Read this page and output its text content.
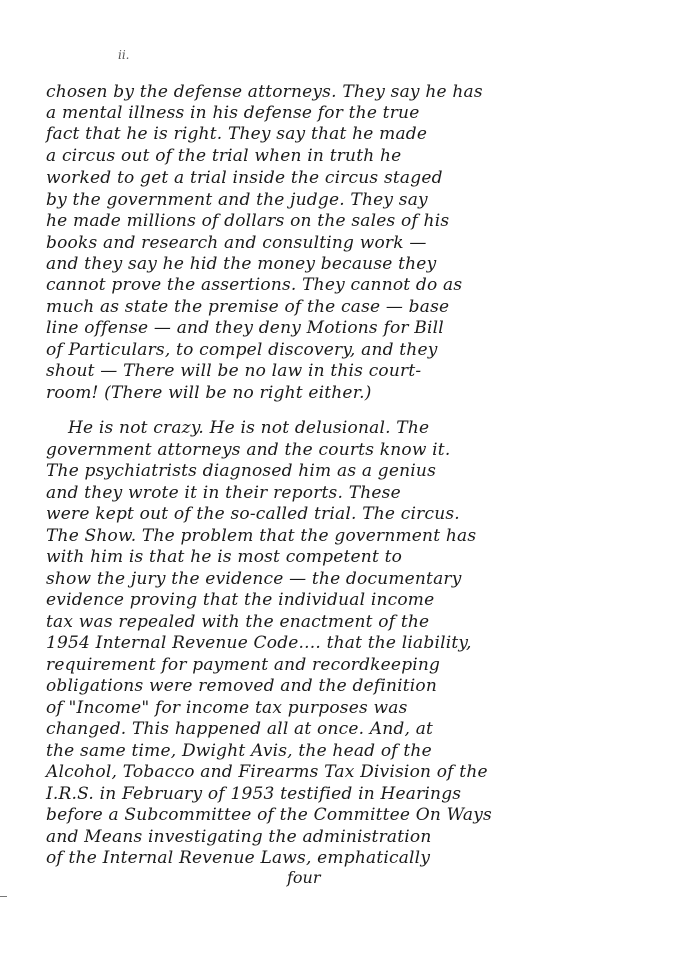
ii.
chosen by the defense attorneys. They say he has
a mental illness in his defense for the true
fact that he is right. They say that he made
a circus out of the trial when in truth he
worked to get a trial inside the circus staged
by the government and the judge. They say
he made millions of dollars on the sales of his
books and research and consulting work —
and they say he hid the money because they
cannot prove the assertions. They cannot do as
much as state the premise of the case — base
line offense — and they deny Motions for Bill
of Particulars, to compel discovery, and they
shout — There will be no law in this court-
room! (There will be no right either.)
He is not crazy. He is not delusional. The
government attorneys and the courts know it.
The psychiatrists diagnosed him as a genius
and they wrote it in their reports. These
were kept out of the so-called trial. The circus.
The Show. The problem that the government has
with him is that he is most competent to
show the jury the evidence — the documentary
evidence proving that the individual income
tax was repealed with the enactment of the
1954 Internal Revenue Code.... that the liability,
requirement for payment and recordkeeping
obligations were removed and the definition
of "Income" for income tax purposes was
changed. This happened all at once. And, at
the same time, Dwight Avis, the head of the
Alcohol, Tobacco and Firearms Tax Division of the
I.R.S. in February of 1953 testified in Hearings
before a Subcommittee of the Committee On Ways
and Means investigating the administration
of the Internal Revenue Laws, emphatically
four
